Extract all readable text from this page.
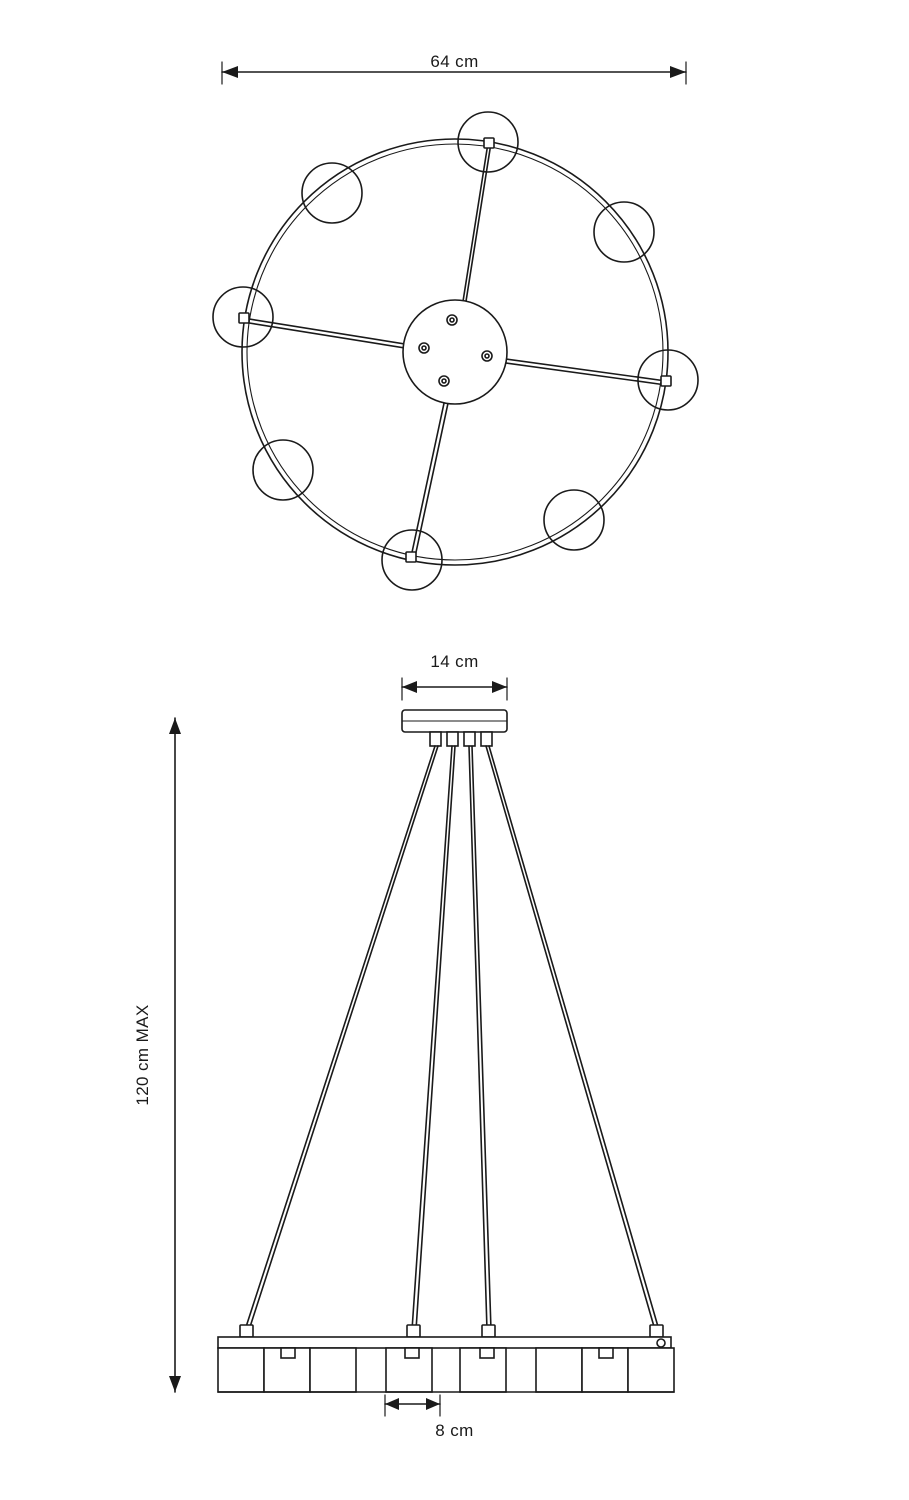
64 cm
14 cm
120 cm MAX
8 cm
